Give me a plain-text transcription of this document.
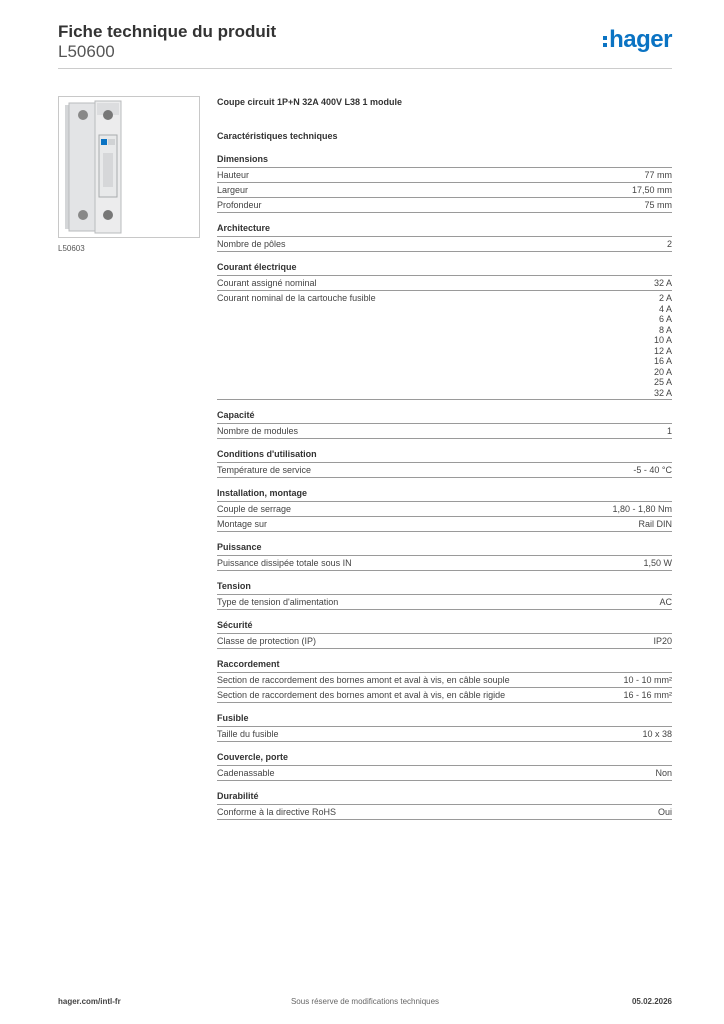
Fiche technique du produit
L50600	hager
L50603
Coupe circuit 1P+N 32A 400V L38 1 module
Caractéristiques techniques
Dimensions
Hauteur	77 mm
Largeur	17,50 mm
Profondeur	75 mm
Architecture
Nombre de pôles	2
Courant électrique
Courant assigné nominal	32 A
Courant nominal de la cartouche fusible	2 A
4 A
6 A
8 A
10 A
12 A
16 A
20 A
25 A
32 A
Capacité
Nombre de modules	1
Conditions d'utilisation
Température de service	-5 - 40 °C
Installation, montage
Couple de serrage	1,80 - 1,80 Nm
Montage sur	Rail DIN
Puissance
Puissance dissipée totale sous IN	1,50 W
Tension
Type de tension d'alimentation	AC
Sécurité
Classe de protection (IP)	IP20
Raccordement
Section de raccordement des bornes amont et aval à vis, en câble souple	10 - 10 mm²
Section de raccordement des bornes amont et aval à vis, en câble rigide	16 - 16 mm²
Fusible
Taille du fusible	10 x 38
Couvercle, porte
Cadenassable	Non
Durabilité
Conforme à la directive RoHS	Oui
hager.com/intl-fr	Sous réserve de modifications techniques	05.02.2026
